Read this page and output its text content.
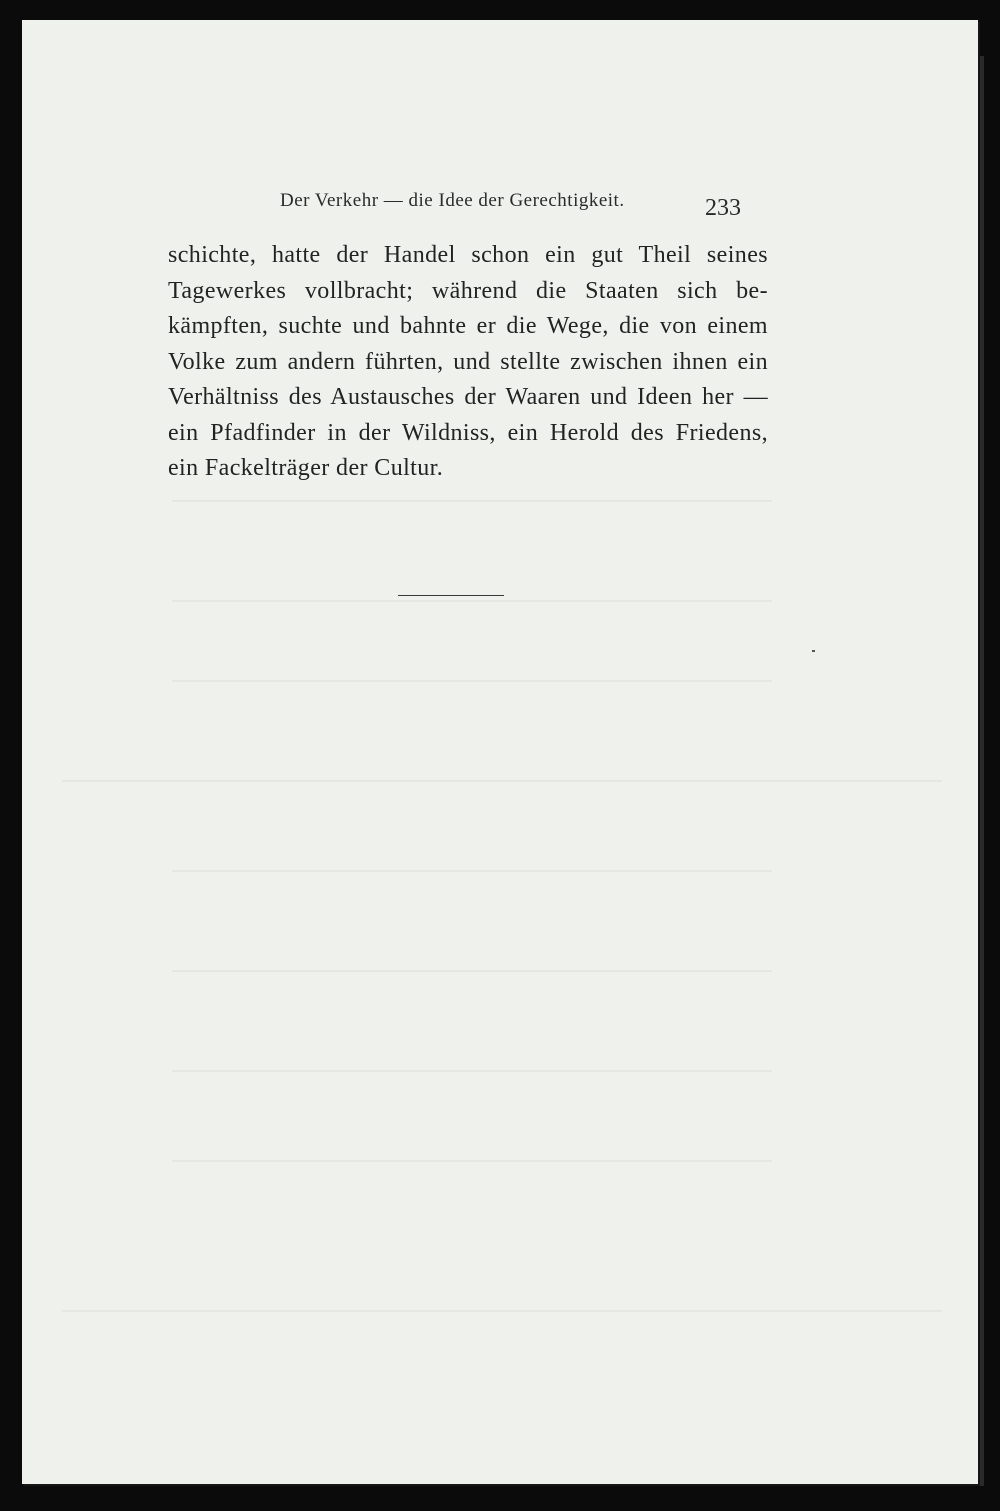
Der Verkehr — die Idee der Gerechtigkeit.	233
schichte, hatte der Handel schon ein gut Theil seines
Tagewerkes vollbracht; während die Staaten sich be-
kämpften, suchte und bahnte er die Wege, die von einem
Volke zum andern führten, und stellte zwischen ihnen ein
Verhältniss des Austausches der Waaren und Ideen her —
ein Pfadfinder in der Wildniss, ein Herold des Friedens,
ein Fackelträger der Cultur.
